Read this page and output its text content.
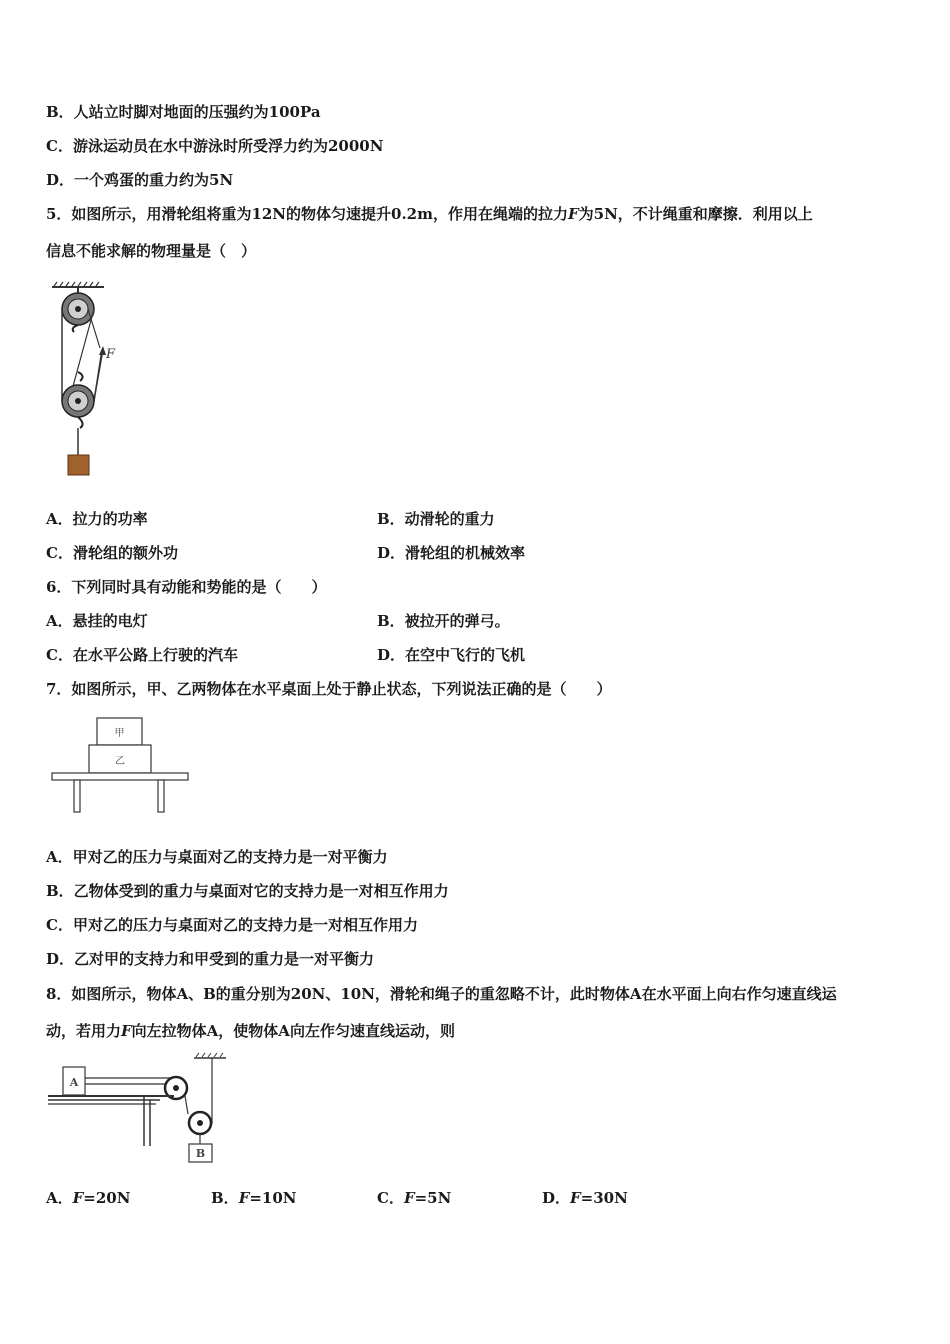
B．人站立时脚对地面的压强约为100Pa
C．游泳运动员在水中游泳时所受浮力约为2000N
D．一个鸡蛋的重力约为5N
5．如图所示，用滑轮组将重为12N的物体匀速提升0.2m，作用在绳端的拉力F为5N，不计绳重和摩擦．利用以上
信息不能求解的物理量是（　）
F
A．拉力的功率	B．动滑轮的重力
C．滑轮组的额外功	D．滑轮组的机械效率
6．下列同时具有动能和势能的是（　　）
A．悬挂的电灯	B．被拉开的弹弓。
C．在水平公路上行驶的汽车	D．在空中飞行的飞机
7．如图所示，甲、乙两物体在水平桌面上处于静止状态，下列说法正确的是（　　）
甲
乙
A．甲对乙的压力与桌面对乙的支持力是一对平衡力
B．乙物体受到的重力与桌面对它的支持力是一对相互作用力
C．甲对乙的压力与桌面对乙的支持力是一对相互作用力
D．乙对甲的支持力和甲受到的重力是一对平衡力
8．如图所示，物体A、B的重分别为20N、10N，滑轮和绳子的重忽略不计，此时物体A在水平面上向右作匀速直线运
动，若用力F向左拉物体A，使物体A向左作匀速直线运动，则
A
B
A．F=20N	B．F=10N	C．F=5N	D．F=30N
